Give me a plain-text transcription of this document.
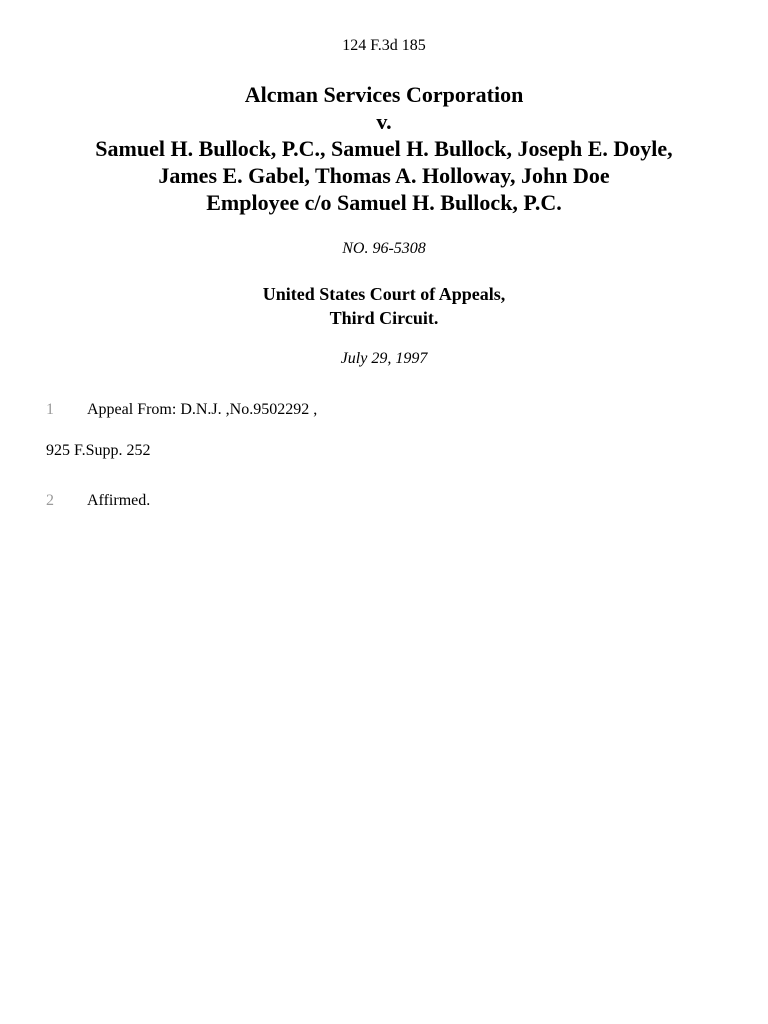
124 F.3d 185
Alcman Services Corporation
v.
Samuel H. Bullock, P.C., Samuel H. Bullock, Joseph E. Doyle,
James E. Gabel, Thomas A. Holloway, John Doe
Employee c/o Samuel H. Bullock, P.C.
NO. 96-5308
United States Court of Appeals,
Third Circuit.
July 29, 1997
1 Appeal From: D.N.J. ,No.9502292 ,
925 F.Supp. 252
2 Affirmed.
